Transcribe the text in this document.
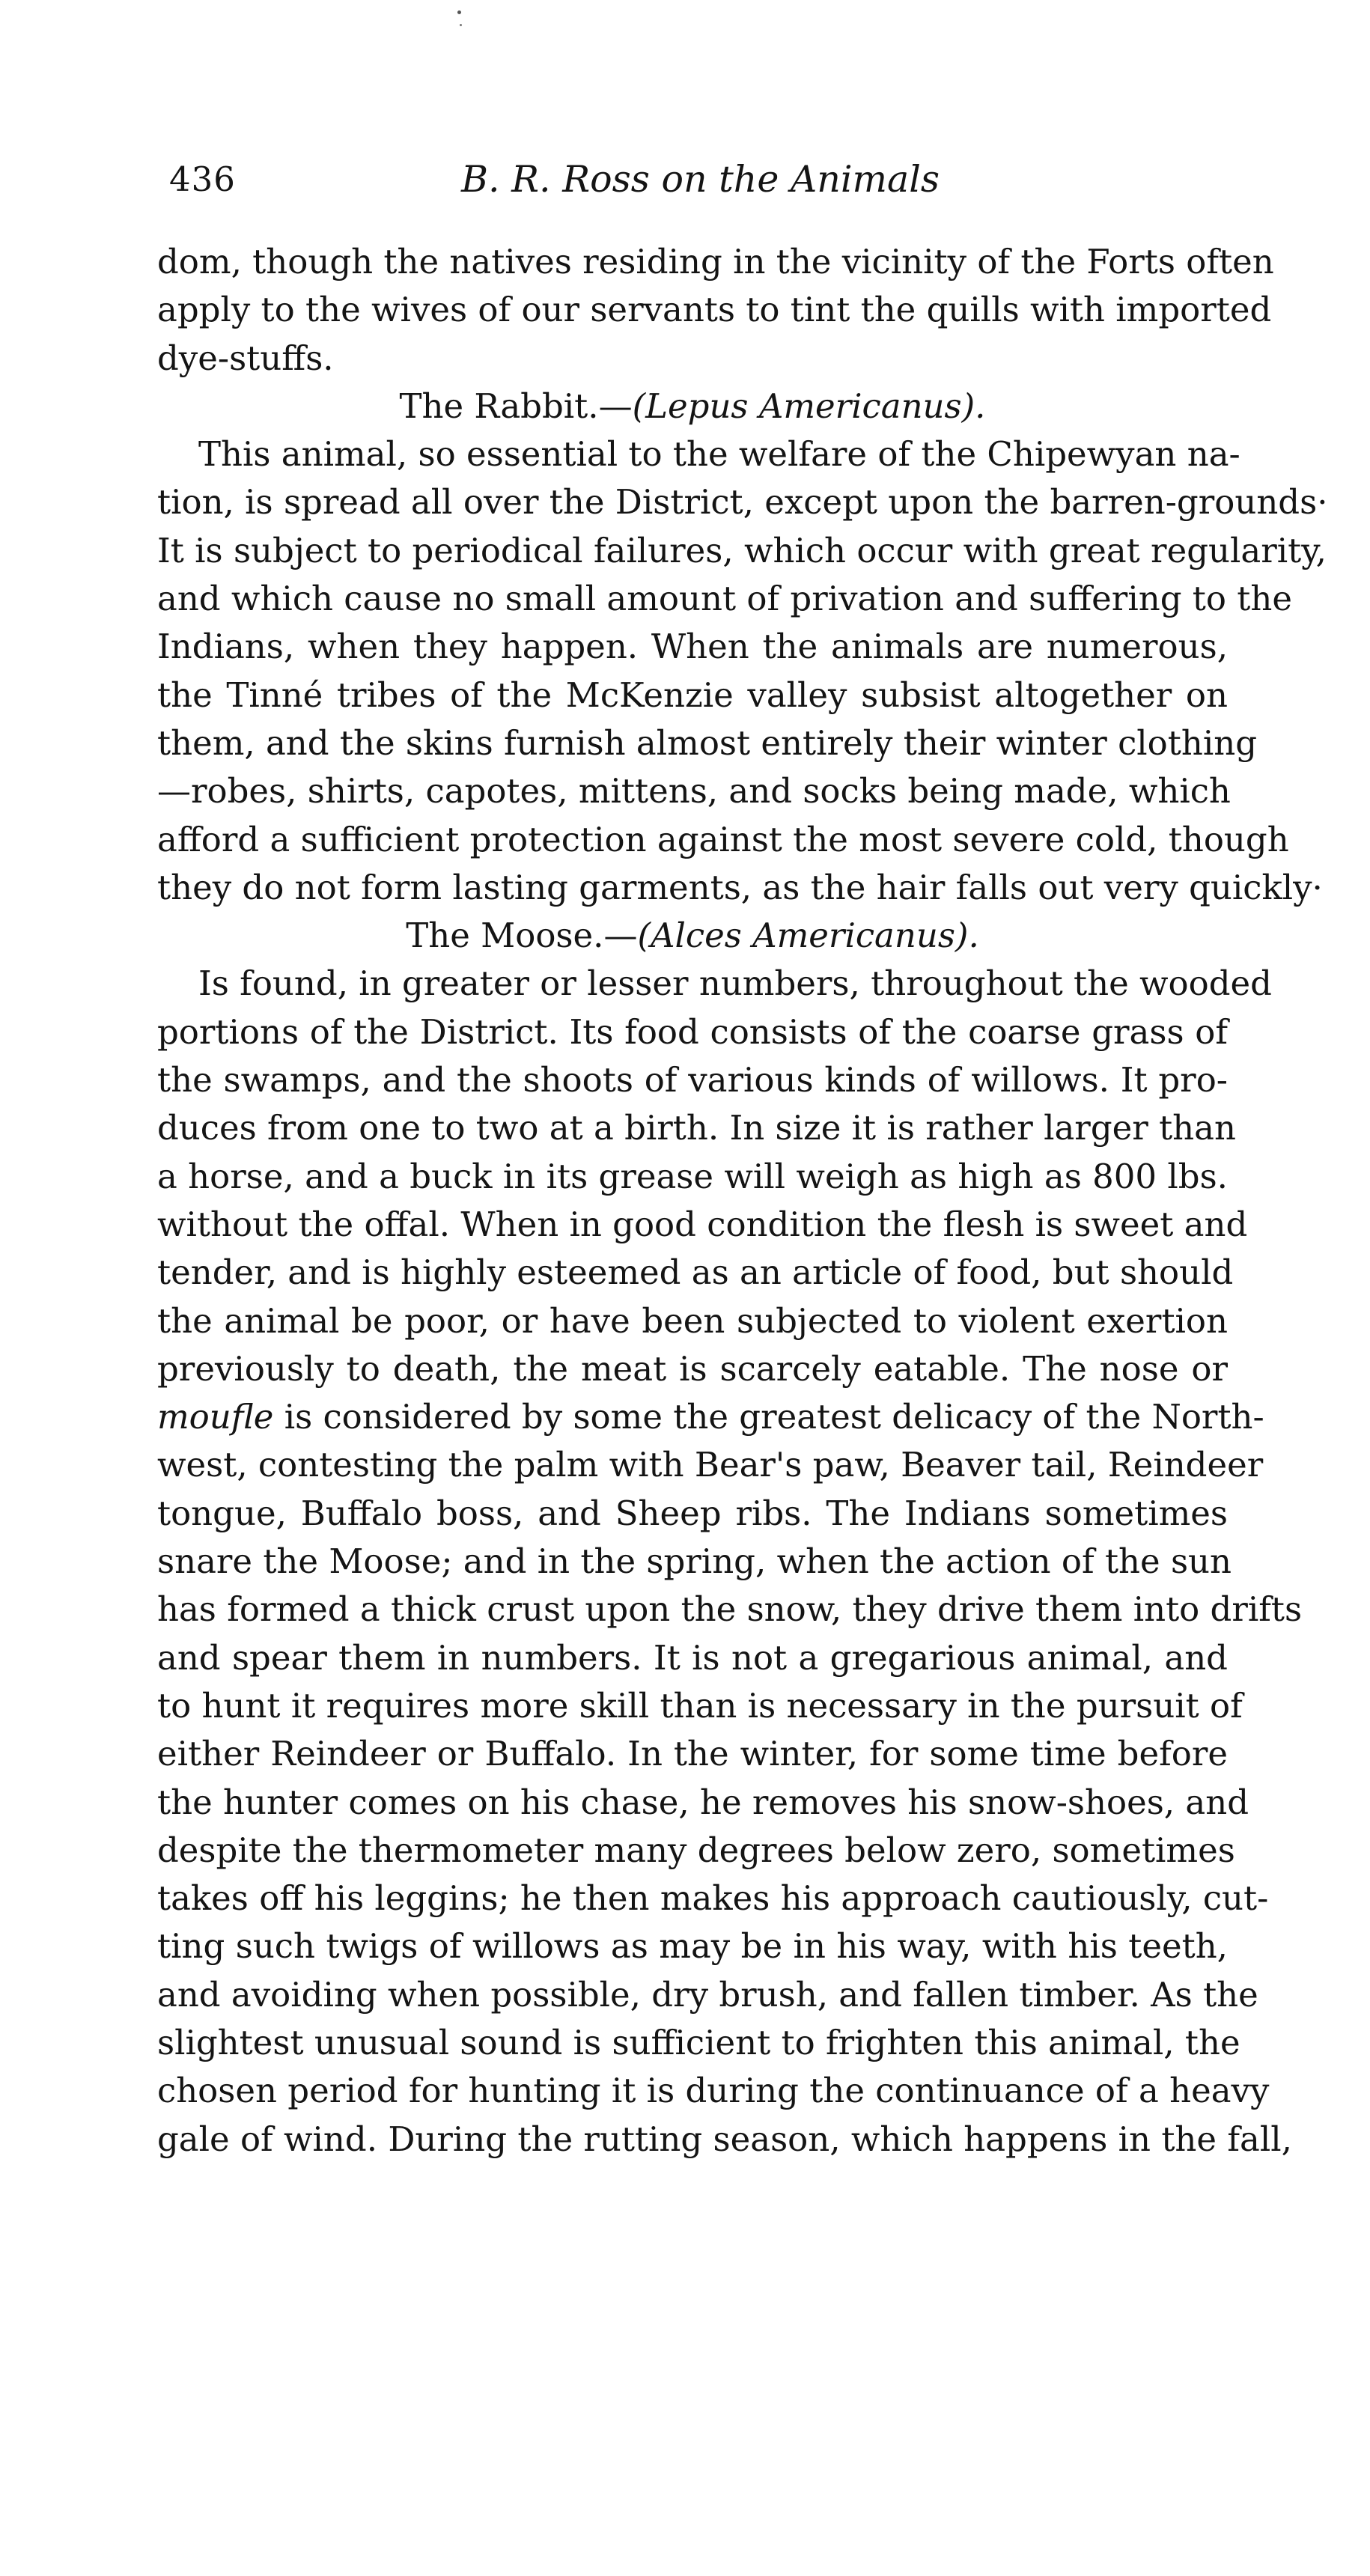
436	B. R. Ross on the Animals
dom, though the natives residing in the vicinity of the Forts often
apply to the wives of our servants to tint the quills with imported
dye-stuffs.
The Rabbit.—(Lepus Americanus).
This animal, so essential to the welfare of the Chipewyan na-
tion, is spread all over the District, except upon the barren-grounds·
It is subject to periodical failures, which occur with great regularity,
and which cause no small amount of privation and suffering to the
Indians, when they happen. When the animals are numerous,
the Tinné tribes of the McKenzie valley subsist altogether on
them, and the skins furnish almost entirely their winter clothing
—robes, shirts, capotes, mittens, and socks being made, which
afford a sufficient protection against the most severe cold, though
they do not form lasting garments, as the hair falls out very quickly·
The Moose.—(Alces Americanus).
Is found, in greater or lesser numbers, throughout the wooded
portions of the District. Its food consists of the coarse grass of
the swamps, and the shoots of various kinds of willows. It pro-
duces from one to two at a birth. In size it is rather larger than
a horse, and a buck in its grease will weigh as high as 800 lbs.
without the offal. When in good condition the flesh is sweet and
tender, and is highly esteemed as an article of food, but should
the animal be poor, or have been subjected to violent exertion
previously to death, the meat is scarcely eatable. The nose or
moufle is considered by some the greatest delicacy of the North-
west, contesting the palm with Bear's paw, Beaver tail, Reindeer
tongue, Buffalo boss, and Sheep ribs. The Indians sometimes
snare the Moose; and in the spring, when the action of the sun
has formed a thick crust upon the snow, they drive them into drifts
and spear them in numbers. It is not a gregarious animal, and
to hunt it requires more skill than is necessary in the pursuit of
either Reindeer or Buffalo. In the winter, for some time before
the hunter comes on his chase, he removes his snow-shoes, and
despite the thermometer many degrees below zero, sometimes
takes off his leggins; he then makes his approach cautiously, cut-
ting such twigs of willows as may be in his way, with his teeth,
and avoiding when possible, dry brush, and fallen timber. As the
slightest unusual sound is sufficient to frighten this animal, the
chosen period for hunting it is during the continuance of a heavy
gale of wind. During the rutting season, which happens in the fall,
